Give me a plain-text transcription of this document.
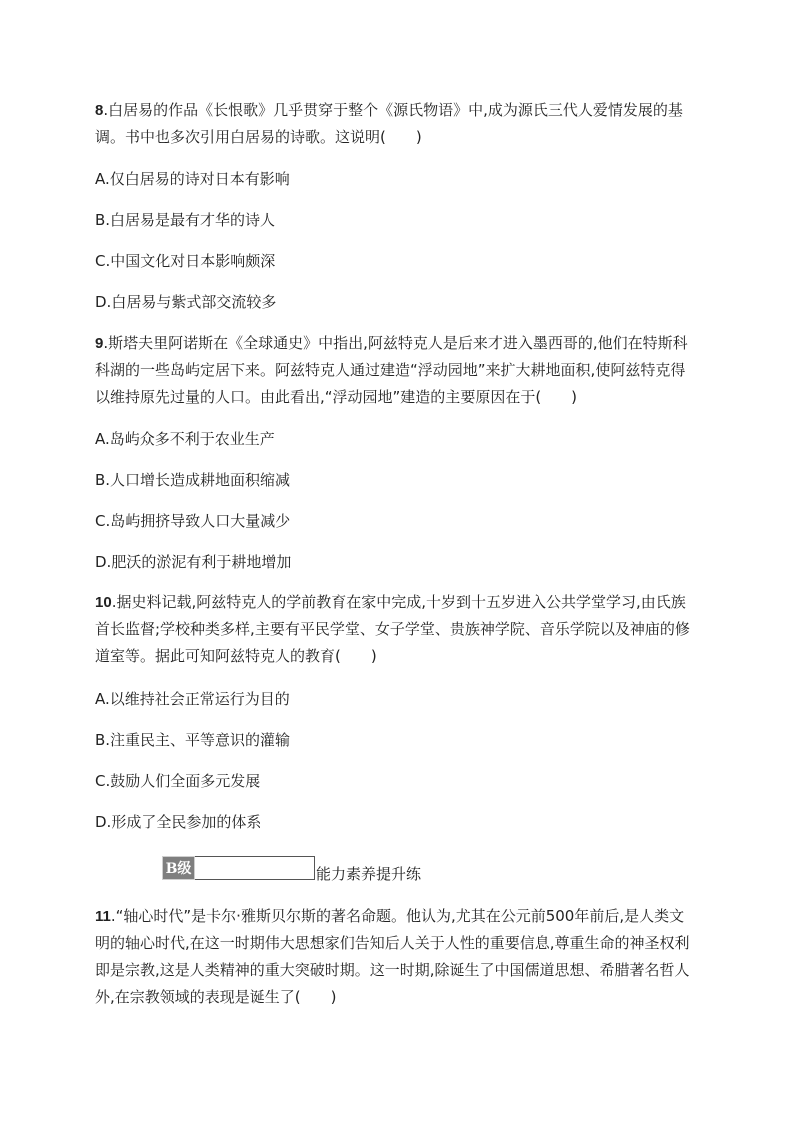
8.白居易的作品《长恨歌》几乎贯穿于整个《源氏物语》中,成为源氏三代人爱情发展的基调。书中也多次引用白居易的诗歌。这说明(　　)

A.仅白居易的诗对日本有影响

B.白居易是最有才华的诗人

C.中国文化对日本影响颇深

D.白居易与紫式部交流较多

9.斯塔夫里阿诺斯在《全球通史》中指出,阿兹特克人是后来才进入墨西哥的,他们在特斯科科湖的一些岛屿定居下来。阿兹特克人通过建造“浮动园地”来扩大耕地面积,使阿兹特克得以维持原先过量的人口。由此看出,“浮动园地”建造的主要原因在于(　　)

A.岛屿众多不利于农业生产

B.人口增长造成耕地面积缩减

C.岛屿拥挤导致人口大量减少

D.肥沃的淤泥有利于耕地增加

10.据史料记载,阿兹特克人的学前教育在家中完成,十岁到十五岁进入公共学堂学习,由氏族首长监督;学校种类多样,主要有平民学堂、女子学堂、贵族神学院、音乐学院以及神庙的修道室等。据此可知阿兹特克人的教育(　　)

A.以维持社会正常运行为目的

B.注重民主、平等意识的灌输

C.鼓励人们全面多元发展

D.形成了全民参加的体系

11.“轴心时代”是卡尔·雅斯贝尔斯的著名命题。他认为,尤其在公元前500年前后,是人类文明的轴心时代,在这一时期伟大思想家们告知后人关于人性的重要信息,尊重生命的神圣权利即是宗教,这是人类精神的重大突破时期。这一时期,除诞生了中国儒道思想、希腊著名哲人外,在宗教领域的表现是诞生了(　　)

B级	能力素养提升练
